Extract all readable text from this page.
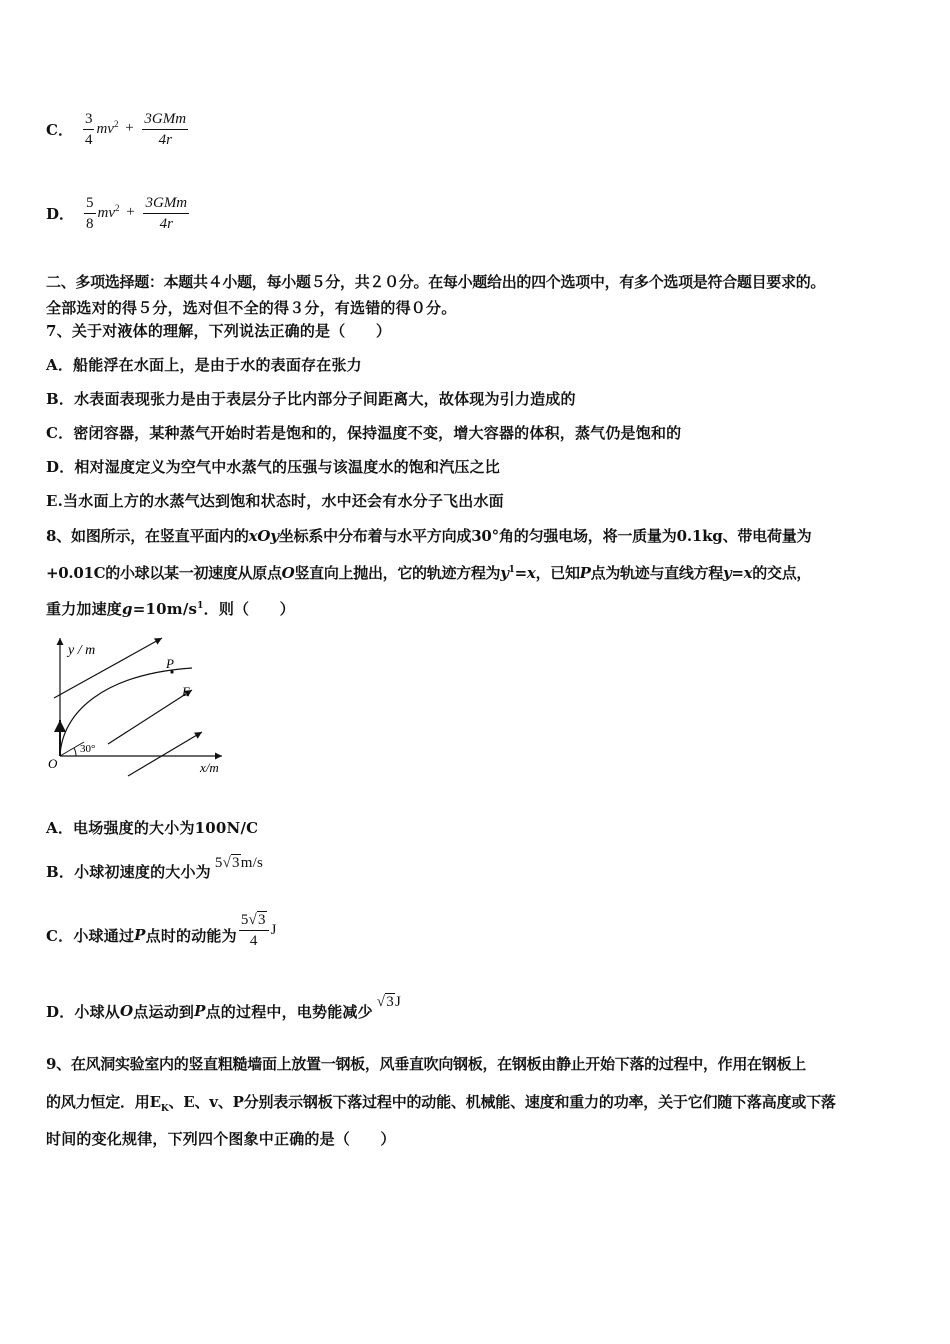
C． $\frac{3}{4} mv^2 + \frac{\text{3GMm}}{4r}$
D． $\frac{5}{8} mv^2 + \frac{\text{3GMm}}{4r}$
二、多项选择题：本题共４小题，每小题５分，共２０分。在每小题给出的四个选项中，有多个选项是符合题目要求的。
全部选对的得５分，选对但不全的得３分，有选错的得０分。
7、关于对液体的理解，下列说法正确的是（　　）
A．船能浮在水面上，是由于水的表面存在张力
B．水表面表现张力是由于表层分子比内部分子间距离大，故体现为引力造成的
C．密闭容器，某种蒸气开始时若是饱和的，保持温度不变，增大容器的体积，蒸气仍是饱和的
D．相对湿度定义为空气中水蒸气的压强与该温度水的饱和汽压之比
E.当水面上方的水蒸气达到饱和状态时，水中还会有水分子飞出水面
8、如图所示，在竖直平面内的xOy坐标系中分布着与水平方向成30°角的匀强电场，将一质量为0.1kg、带电荷量为
+0.01C的小球以某一初速度从原点O竖直向上抛出，它的轨迹方程为$y^1=x$，已知P点为轨迹与直线方程y=x的交点，
重力加速度$g=10m/s^1$．则（　　）
y / m
x/m
O
P
E
30°
A．电场强度的大小为100N/C
B．小球初速度的大小为 5√3m/s
C．小球通过 P 点时的动能为 $\frac{5√3}{4}$ J
D．小球从 O 点运动到 P 点的过程中，电势能减少
√3J
9、在风洞实验室内的竖直粗糙墙面上放置一钢板，风垂直吹向钢板，在钢板由静止开始下落的过程中，作用在钢板上
的风力恒定．用$E_K$、E、v、P分别表示钢板下落过程中的动能、机械能、速度和重力的功率，关于它们随下落高度或下落
时间的变化规律，下列四个图象中正确的是（　　）
